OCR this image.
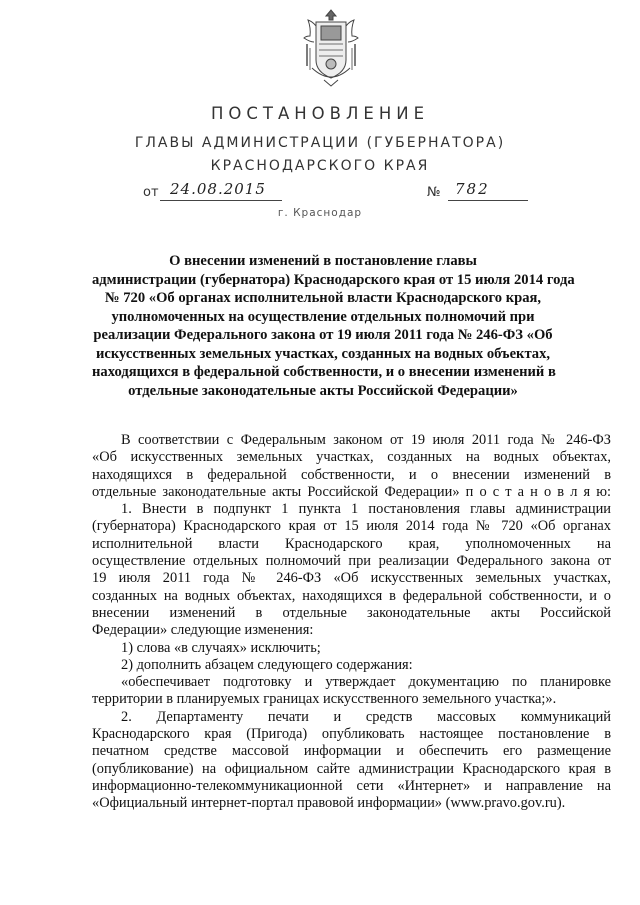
ПОСТАНОВЛЕНИЕ
ГЛАВЫ АДМИНИСТРАЦИИ (ГУБЕРНАТОРА)
КРАСНОДАРСКОГО КРАЯ
от 24.08.2015	№ 782
г. Краснодар
О внесении изменений в постановление главы
администрации (губернатора) Краснодарского края от 15 июля 2014 года
№ 720 «Об органах исполнительной власти Краснодарского края,
уполномоченных на осуществление отдельных полномочий при
реализации Федерального закона от 19 июля 2011 года № 246-ФЗ «Об
искусственных земельных участках, созданных на водных объектах,
находящихся в федеральной собственности, и о внесении изменений в
отдельные законодательные акты Российской Федерации»
В соответствии с Федеральным законом от 19 июля 2011 года № 246-ФЗ
«Об искусственных земельных участках, созданных на водных объектах,
находящихся в федеральной собственности, и о внесении изменений в
отдельные законодательные акты Российской Федерации» п о с т а н о в л я ю:
1. Внести в подпункт 1 пункта 1 постановления главы администрации
(губернатора) Краснодарского края от 15 июля 2014 года № 720 «Об органах
исполнительной власти Краснодарского края, уполномоченных на
осуществление отдельных полномочий при реализации Федерального закона от
19 июля 2011 года № 246-ФЗ «Об искусственных земельных участках,
созданных на водных объектах, находящихся в федеральной собственности, и о
внесении изменений в отдельные законодательные акты Российской
Федерации» следующие изменения:
1) слова «в случаях» исключить;
2) дополнить абзацем следующего содержания:
«обеспечивает подготовку и утверждает документацию по планировке
территории в планируемых границах искусственного земельного участка;».
2. Департаменту печати и средств массовых коммуникаций
Краснодарского края (Пригода) опубликовать настоящее постановление в
печатном средстве массовой информации и обеспечить его размещение
(опубликование) на официальном сайте администрации Краснодарского края в
информационно-телекоммуникационной сети «Интернет» и направление на
«Официальный интернет-портал правовой информации» (www.pravo.gov.ru).
